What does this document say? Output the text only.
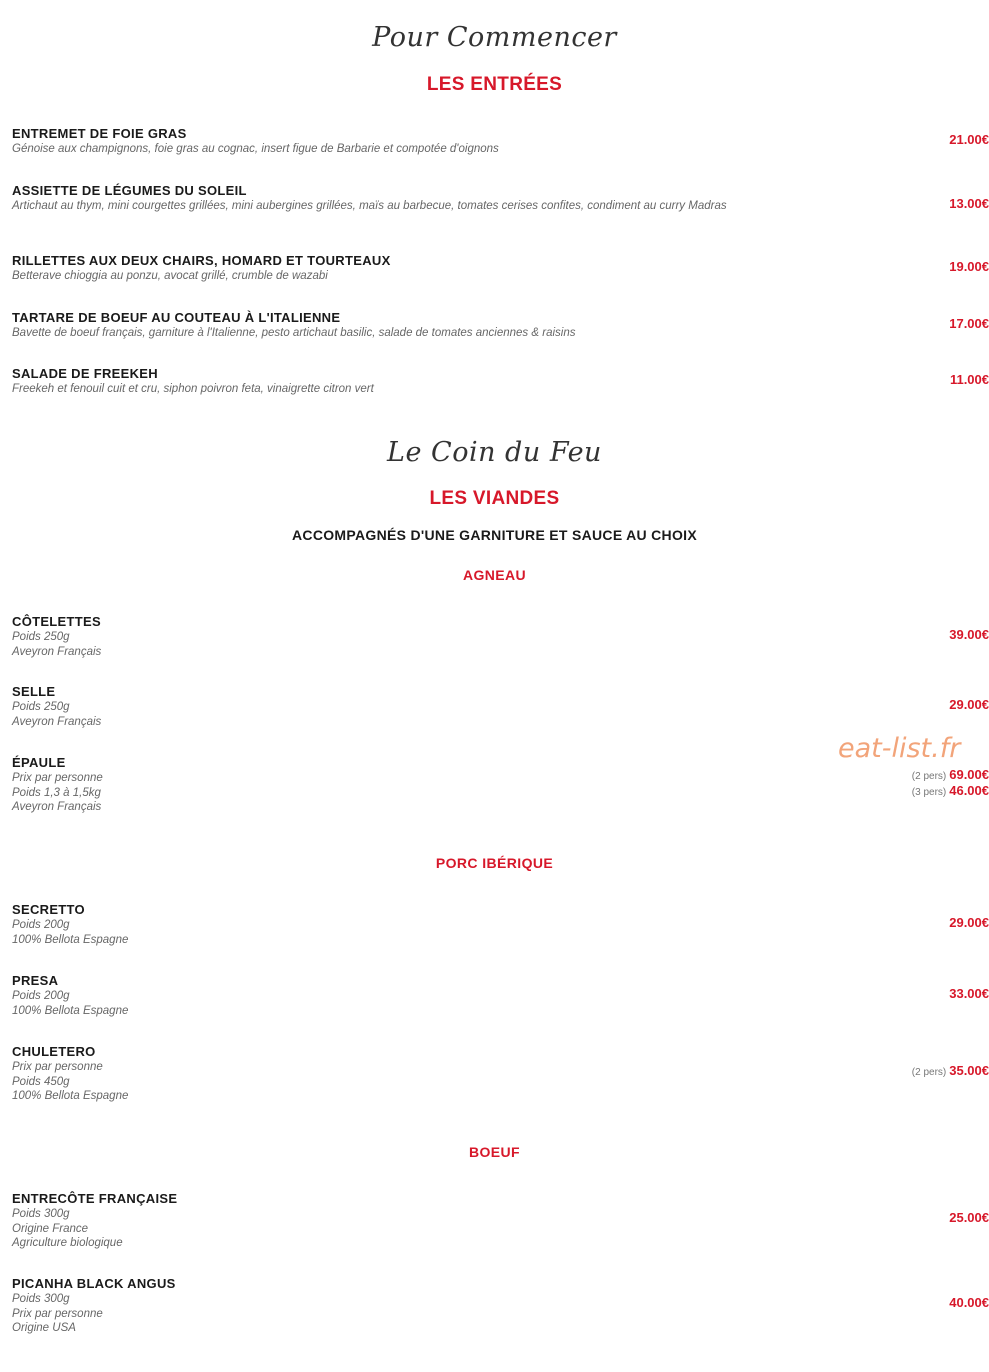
Pour Commencer
LES ENTRÉES
ENTREMET DE FOIE GRAS
Génoise aux champignons, foie gras au cognac, insert figue de Barbarie et compotée d'oignons
21.00€
ASSIETTE DE LÉGUMES DU SOLEIL
Artichaut au thym, mini courgettes grillées, mini aubergines grillées, maïs au barbecue, tomates cerises confites, condiment au curry Madras	13.00€
RILLETTES AUX DEUX CHAIRS, HOMARD ET TOURTEAUX
Betterave chioggia au ponzu, avocat grillé, crumble de wazabi
19.00€
TARTARE DE BOEUF AU COUTEAU À L'ITALIENNE
Bavette de boeuf français, garniture à l'Italienne, pesto artichaut basilic, salade de tomates anciennes & raisins
17.00€
SALADE DE FREEKEH
Freekeh et fenouil cuit et cru, siphon poivron feta, vinaigrette citron vert
11.00€
Le Coin du Feu
LES VIANDES
ACCOMPAGNÉS D'UNE GARNITURE ET SAUCE AU CHOIX
AGNEAU
CÔTELETTES
Poids 250g
Aveyron Français
39.00€
SELLE
Poids 250g
Aveyron Français
29.00€
ÉPAULE
Prix par personne
Poids 1,3 à 1,5kg
Aveyron Français
(2 pers) 69.00€
(3 pers) 46.00€
eat-list.fr
PORC IBÉRIQUE
SECRETTO
Poids 200g
100% Bellota Espagne
29.00€
PRESA
Poids 200g
100% Bellota Espagne
33.00€
CHULETERO
Prix par personne
Poids 450g
100% Bellota Espagne
(2 pers) 35.00€
BOEUF
ENTRECÔTE FRANÇAISE
Poids 300g
Origine France
Agriculture biologique
25.00€
PICANHA BLACK ANGUS
Poids 300g
Prix par personne
Origine USA
40.00€
